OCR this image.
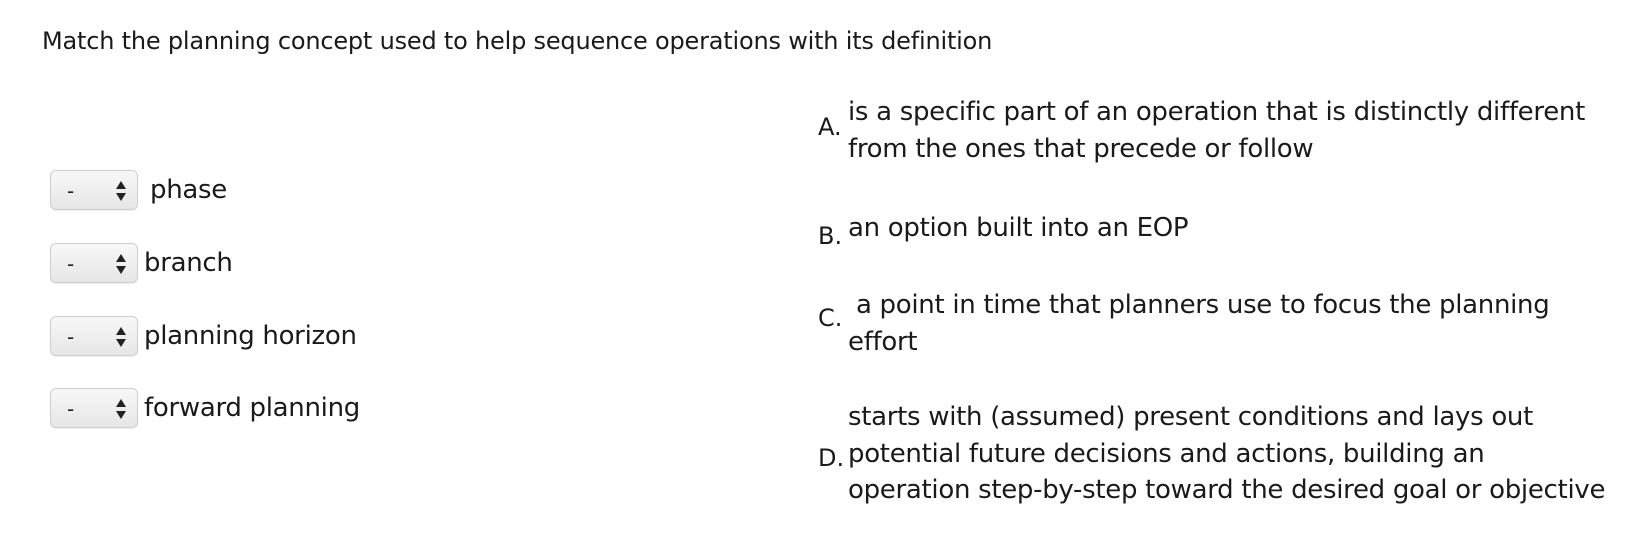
Match the planning concept used to help sequence operations with its definition
-	phase
-	branch
-	planning horizon
-	forward planning
A. is a specific part of an operation that is distinctly different
from the ones that precede or follow
B. an option built into an EOP
C. a point in time that planners use to focus the planning
effort
D.
starts with (assumed) present conditions and lays out
potential future decisions and actions, building an
operation step-by-step toward the desired goal or objective
